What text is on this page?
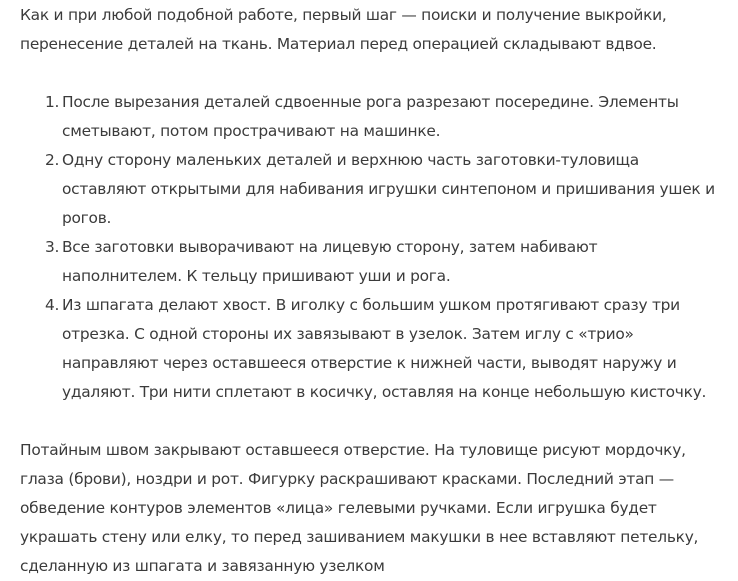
Как и при любой подобной работе, первый шаг — поиски и получение выкройки, перенесение деталей на ткань. Материал перед операцией складывают вдвое.

После вырезания деталей сдвоенные рога разрезают посередине. Элементы сметывают, потом прострачивают на машинке.
Одну сторону маленьких деталей и верхнюю часть заготовки-туловища оставляют открытыми для набивания игрушки синтепоном и пришивания ушек и рогов.
Все заготовки выворачивают на лицевую сторону, затем набивают наполнителем. К тельцу пришивают уши и рога.
Из шпагата делают хвост. В иголку с большим ушком протягивают сразу три отрезка. С одной стороны их завязывают в узелок. Затем иглу с «трио» направляют через оставшееся отверстие к нижней части, выводят наружу и удаляют. Три нити сплетают в косичку, оставляя на конце небольшую кисточку.

Потайным швом закрывают оставшееся отверстие. На туловище рисуют мордочку, глаза (брови), ноздри и рот. Фигурку раскрашивают красками. Последний этап — обведение контуров элементов «лица» гелевыми ручками. Если игрушка будет украшать стену или елку, то перед зашиванием макушки в нее вставляют петельку, сделанную из шпагата и завязанную узелком
